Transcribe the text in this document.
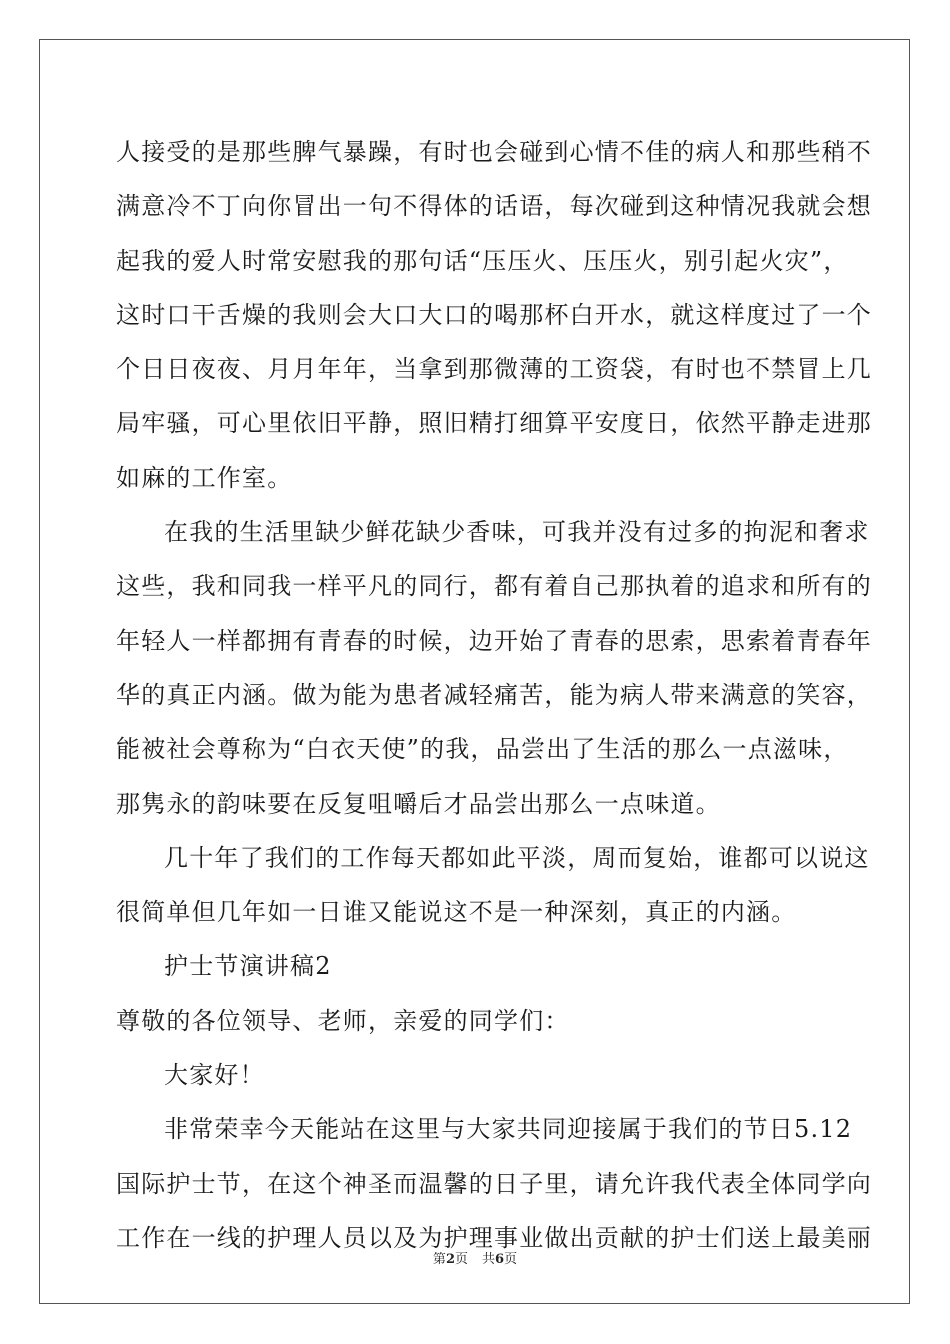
人接受的是那些脾气暴躁，有时也会碰到心情不佳的病人和那些稍不
满意冷不丁向你冒出一句不得体的话语，每次碰到这种情况我就会想
起我的爱人时常安慰我的那句话“压压火、压压火，别引起火灾”，
这时口干舌燥的我则会大口大口的喝那杯白开水，就这样度过了一个
个日日夜夜、月月年年，当拿到那微薄的工资袋，有时也不禁冒上几
局牢骚，可心里依旧平静，照旧精打细算平安度日，依然平静走进那
如麻的工作室。
在我的生活里缺少鲜花缺少香味，可我并没有过多的拘泥和奢求
这些，我和同我一样平凡的同行，都有着自己那执着的追求和所有的
年轻人一样都拥有青春的时候，边开始了青春的思索，思索着青春年
华的真正内涵。做为能为患者减轻痛苦，能为病人带来满意的笑容，
能被社会尊称为“白衣天使”的我，品尝出了生活的那么一点滋味，
那隽永的韵味要在反复咀嚼后才品尝出那么一点味道。
几十年了我们的工作每天都如此平淡，周而复始，谁都可以说这
很简单但几年如一日谁又能说这不是一种深刻，真正的内涵。
护士节演讲稿2
尊敬的各位领导、老师，亲爱的同学们：
大家好！
非常荣幸今天能站在这里与大家共同迎接属于我们的节日5.12
国际护士节，在这个神圣而温馨的日子里，请允许我代表全体同学向
工作在一线的护理人员以及为护理事业做出贡献的护士们送上最美丽
第2页 共6页
